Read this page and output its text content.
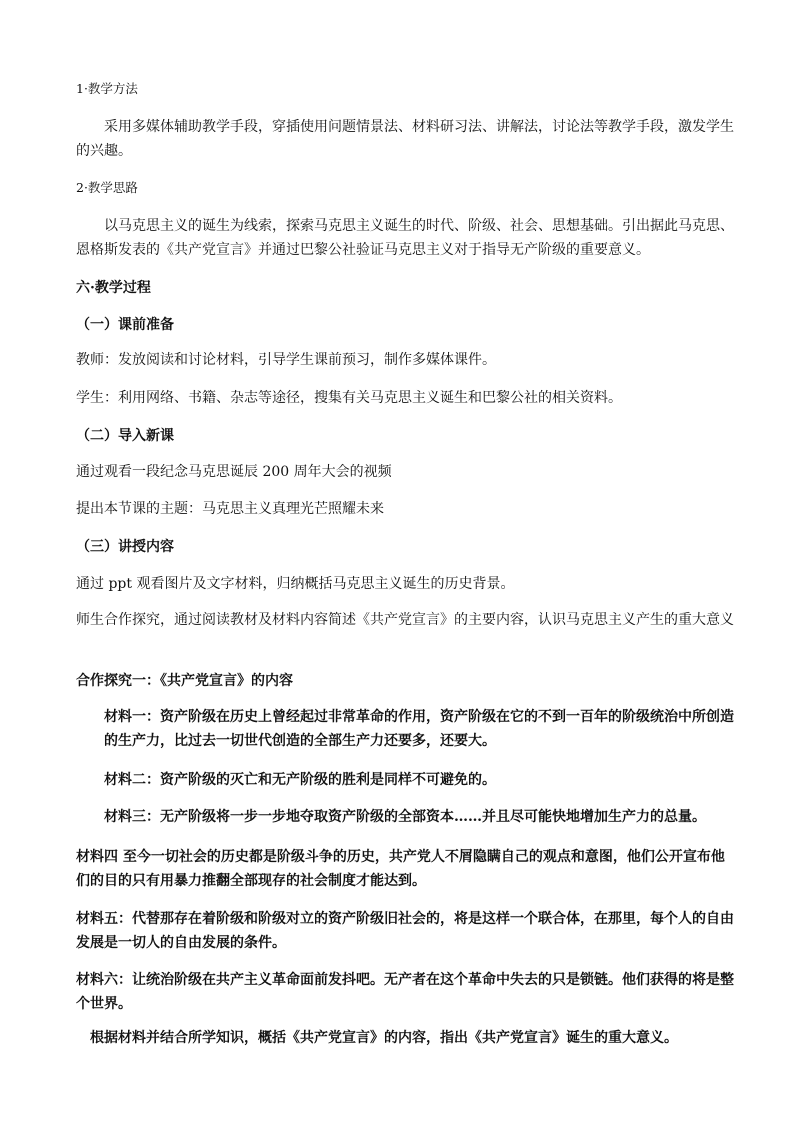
1·教学方法
采用多媒体辅助教学手段，穿插使用问题情景法、材料研习法、讲解法，讨论法等教学手段，激发学生的兴趣。
2·教学思路
以马克思主义的诞生为线索，探索马克思主义诞生的时代、阶级、社会、思想基础。引出据此马克思、恩格斯发表的《共产党宣言》并通过巴黎公社验证马克思主义对于指导无产阶级的重要意义。
六·教学过程
（一）课前准备
教师：发放阅读和讨论材料，引导学生课前预习，制作多媒体课件。
学生：利用网络、书籍、杂志等途径，搜集有关马克思主义诞生和巴黎公社的相关资料。
（二）导入新课
通过观看一段纪念马克思诞辰 200 周年大会的视频
提出本节课的主题：马克思主义真理光芒照耀未来
（三）讲授内容
通过 ppt 观看图片及文字材料，归纳概括马克思主义诞生的历史背景。
师生合作探究，通过阅读教材及材料内容简述《共产党宣言》的主要内容，认识马克思主义产生的重大意义
合作探究一：《共产党宣言》的内容
材料一：资产阶级在历史上曾经起过非常革命的作用，资产阶级在它的不到一百年的阶级统治中所创造的生产力，比过去一切世代创造的全部生产力还要多，还要大。
材料二：资产阶级的灭亡和无产阶级的胜利是同样不可避免的。
材料三：无产阶级将一步一步地夺取资产阶级的全部资本……并且尽可能快地增加生产力的总量。
材料四 至今一切社会的历史都是阶级斗争的历史，共产党人不屑隐瞒自己的观点和意图，他们公开宣布他们的目的只有用暴力推翻全部现存的社会制度才能达到。
材料五：代替那存在着阶级和阶级对立的资产阶级旧社会的，将是这样一个联合体，在那里，每个人的自由发展是一切人的自由发展的条件。
材料六：让统治阶级在共产主义革命面前发抖吧。无产者在这个革命中失去的只是锁链。他们获得的将是整个世界。
根据材料并结合所学知识，概括《共产党宣言》的内容，指出《共产党宣言》诞生的重大意义。
